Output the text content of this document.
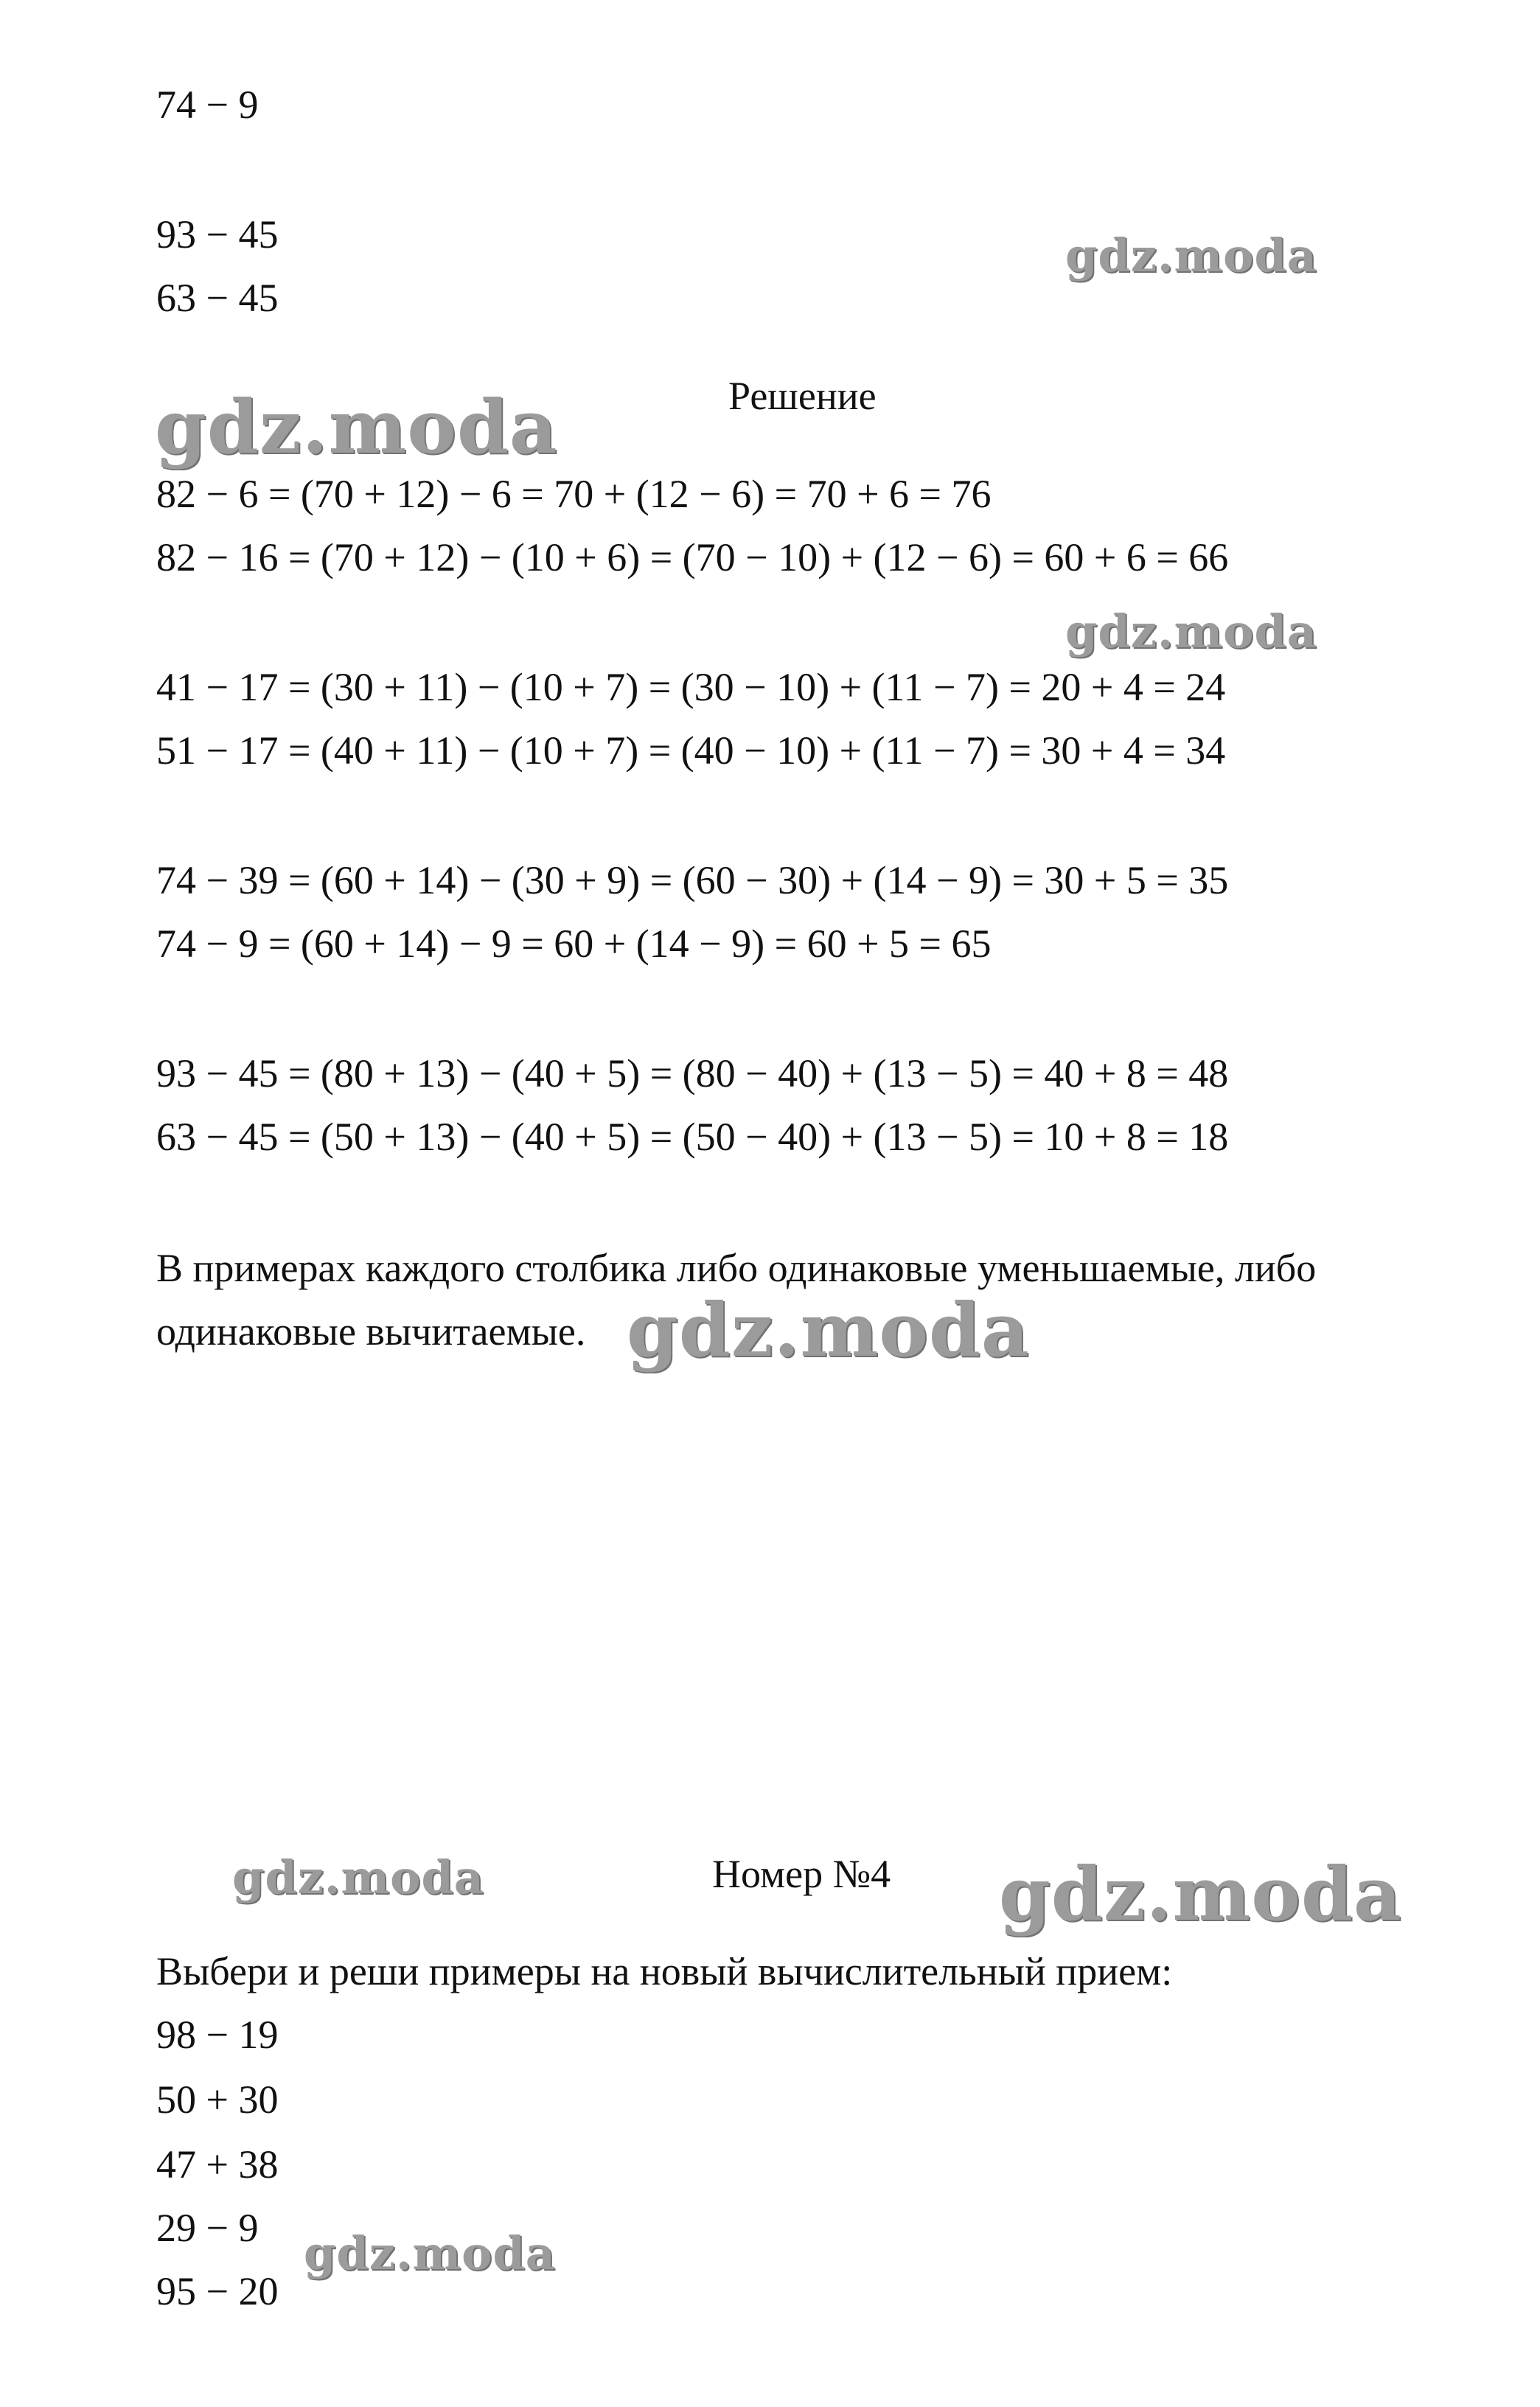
74 − 9
93 − 45
63 − 45
Решение
82 − 6 = (70 + 12) − 6 = 70 + (12 − 6) = 70 + 6 = 76
82 − 16 = (70 + 12) − (10 + 6) = (70 − 10) + (12 − 6) = 60 + 6 = 66
41 − 17 = (30 + 11) − (10 + 7) = (30 − 10) + (11 − 7) = 20 + 4 = 24
51 − 17 = (40 + 11) − (10 + 7) = (40 − 10) + (11 − 7) = 30 + 4 = 34
74 − 39 = (60 + 14) − (30 + 9) = (60 − 30) + (14 − 9) = 30 + 5 = 35
74 − 9 = (60 + 14) − 9 = 60 + (14 − 9) = 60 + 5 = 65
93 − 45 = (80 + 13) − (40 + 5) = (80 − 40) + (13 − 5) = 40 + 8 = 48
63 − 45 = (50 + 13) − (40 + 5) = (50 − 40) + (13 − 5) = 10 + 8 = 18
В примерах каждого столбика либо одинаковые уменьшаемые, либо
одинаковые вычитаемые.
Номер №4
Выбери и реши примеры на новый вычислительный прием:
98 − 19
50 + 30
47 + 38
29 − 9
95 − 20
gdz.moda
gdz.moda
gdz.moda
gdz.moda
gdz.moda	gdz.moda
gdz.moda
